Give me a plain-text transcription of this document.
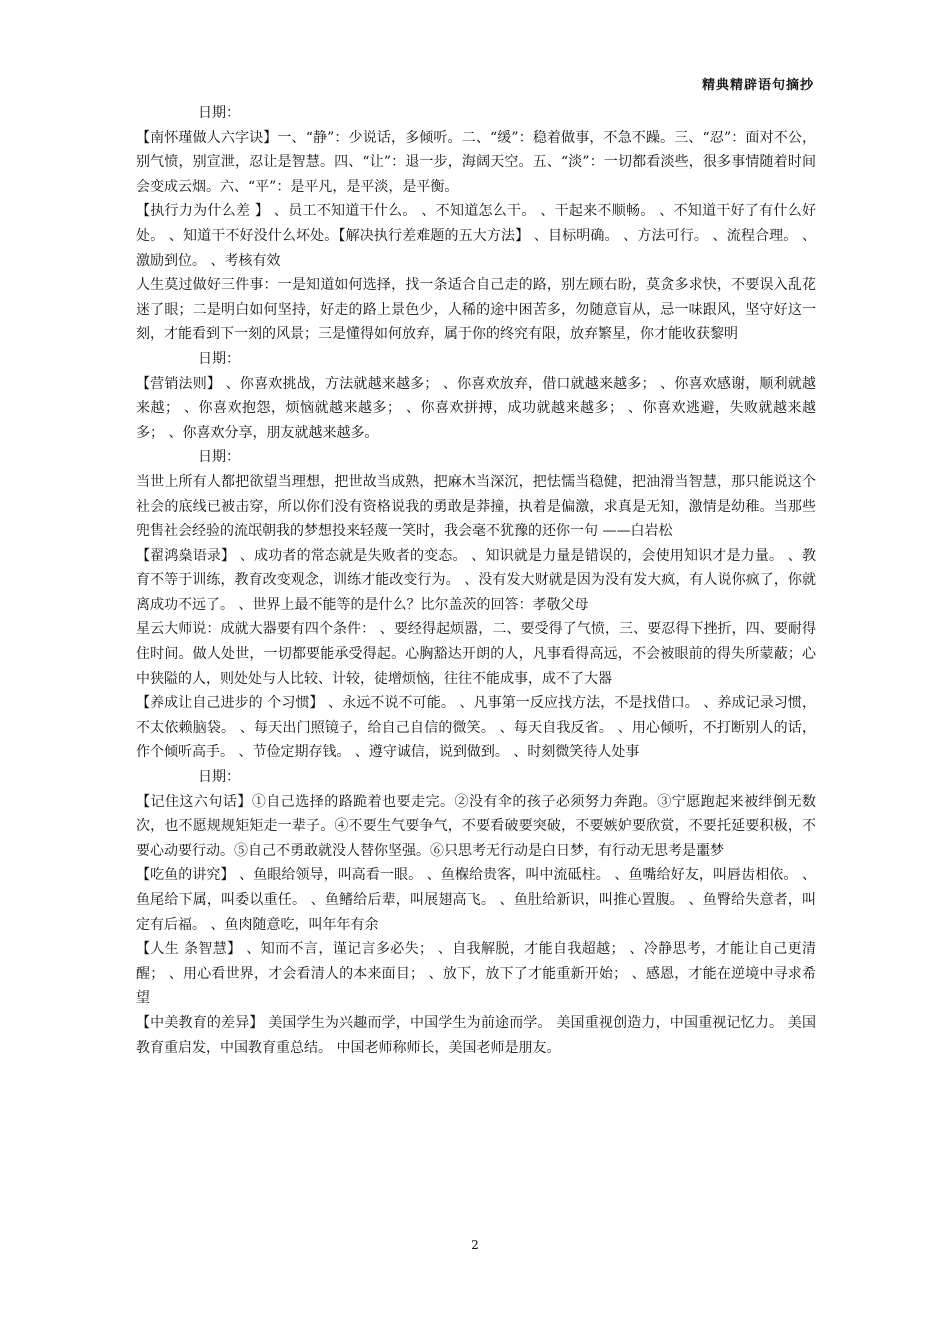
精典精辟语句摘抄

日期：

【南怀瑾做人六字诀】一、“静”：少说话，多倾听。二、“缓”：稳着做事，不急不躁。三、“忍”：面对不公，别气愤，别宣泄，忍让是智慧。四、“让”：退一步，海阔天空。五、“淡”：一切都看淡些，很多事情随着时间会变成云烟。六、“平”：是平凡，是平淡，是平衡。

【执行力为什么差 】 、员工不知道干什么。 、不知道怎么干。 、干起来不顺畅。 、不知道干好了有什么好处。 、知道干不好没什么坏处。【解决执行差难题的五大方法】 、目标明确。 、方法可行。 、流程合理。 、激励到位。 、考核有效

人生莫过做好三件事：一是知道如何选择，找一条适合自己走的路，别左顾右盼，莫贪多求快，不要误入乱花迷了眼；二是明白如何坚持，好走的路上景色少，人稀的途中困苦多，勿随意盲从，忌一味跟风，坚守好这一刻，才能看到下一刻的风景；三是懂得如何放弃，属于你的终究有限，放弃繁星，你才能收获黎明

日期：

【营销法则】 、你喜欢挑战，方法就越来越多； 、你喜欢放弃，借口就越来越多； 、你喜欢感谢，顺利就越来越； 、你喜欢抱怨，烦恼就越来越多； 、你喜欢拼搏，成功就越来越多； 、你喜欢逃避，失败就越来越多； 、你喜欢分享，朋友就越来越多。

日期：

当世上所有人都把欲望当理想，把世故当成熟，把麻木当深沉，把怯懦当稳健，把油滑当智慧，那只能说这个社会的底线已被击穿，所以你们没有资格说我的勇敢是莽撞，执着是偏激，求真是无知，激情是幼稚。当那些兜售社会经验的流氓朝我的梦想投来轻蔑一笑时，我会毫不犹豫的还你一句 ——白岩松

【翟鸿燊语录】 、成功者的常态就是失败者的变态。 、知识就是力量是错误的，会使用知识才是力量。 、教育不等于训练，教育改变观念，训练才能改变行为。 、没有发大财就是因为没有发大疯，有人说你疯了，你就离成功不远了。 、世界上最不能等的是什么？比尔盖茨的回答：孝敬父母

星云大师说：成就大器要有四个条件： 、要经得起烦嚣，二、要受得了气愤，三、要忍得下挫折，四、要耐得住时间。做人处世，一切都要能承受得起。心胸豁达开朗的人，凡事看得高远，不会被眼前的得失所蒙蔽；心中狭隘的人，则处处与人比较、计较，徒增烦恼，往往不能成事，成不了大器

【养成让自己进步的 个习惯】 、永远不说不可能。 、凡事第一反应找方法，不是找借口。 、养成记录习惯，不太依赖脑袋。 、每天出门照镜子，给自己自信的微笑。 、每天自我反省。 、用心倾听，不打断别人的话，作个倾听高手。 、节俭定期存钱。 、遵守诚信，说到做到。 、时刻微笑待人处事

日期：

【记住这六句话】①自己选择的路跪着也要走完。②没有伞的孩子必须努力奔跑。③宁愿跑起来被绊倒无数次，也不愿规规矩矩走一辈子。④不要生气要争气，不要看破要突破，不要嫉妒要欣赏，不要托延要积极，不要心动要行动。⑤自己不勇敢就没人替你坚强。⑥只思考无行动是白日梦，有行动无思考是噩梦

【吃鱼的讲究】 、鱼眼给领导，叫高看一眼。 、鱼椺给贵客，叫中流砥柱。 、鱼嘴给好友，叫唇齿相依。 、鱼尾给下属，叫委以重任。 、鱼鳍给后辈，叫展翅高飞。 、鱼肚给新识，叫推心置腹。 、鱼臀给失意者，叫定有后福。 、鱼肉随意吃，叫年年有余

【人生 条智慧】 、知而不言，谨记言多必失； 、自我解脱，才能自我超越； 、冷静思考，才能让自己更清醒； 、用心看世界，才会看清人的本来面目； 、放下，放下了才能重新开始； 、感恩，才能在逆境中寻求希望

【中美教育的差异】 美国学生为兴趣而学，中国学生为前途而学。 美国重视创造力，中国重视记忆力。 美国教育重启发，中国教育重总结。 中国老师称师长，美国老师是朋友。

2
